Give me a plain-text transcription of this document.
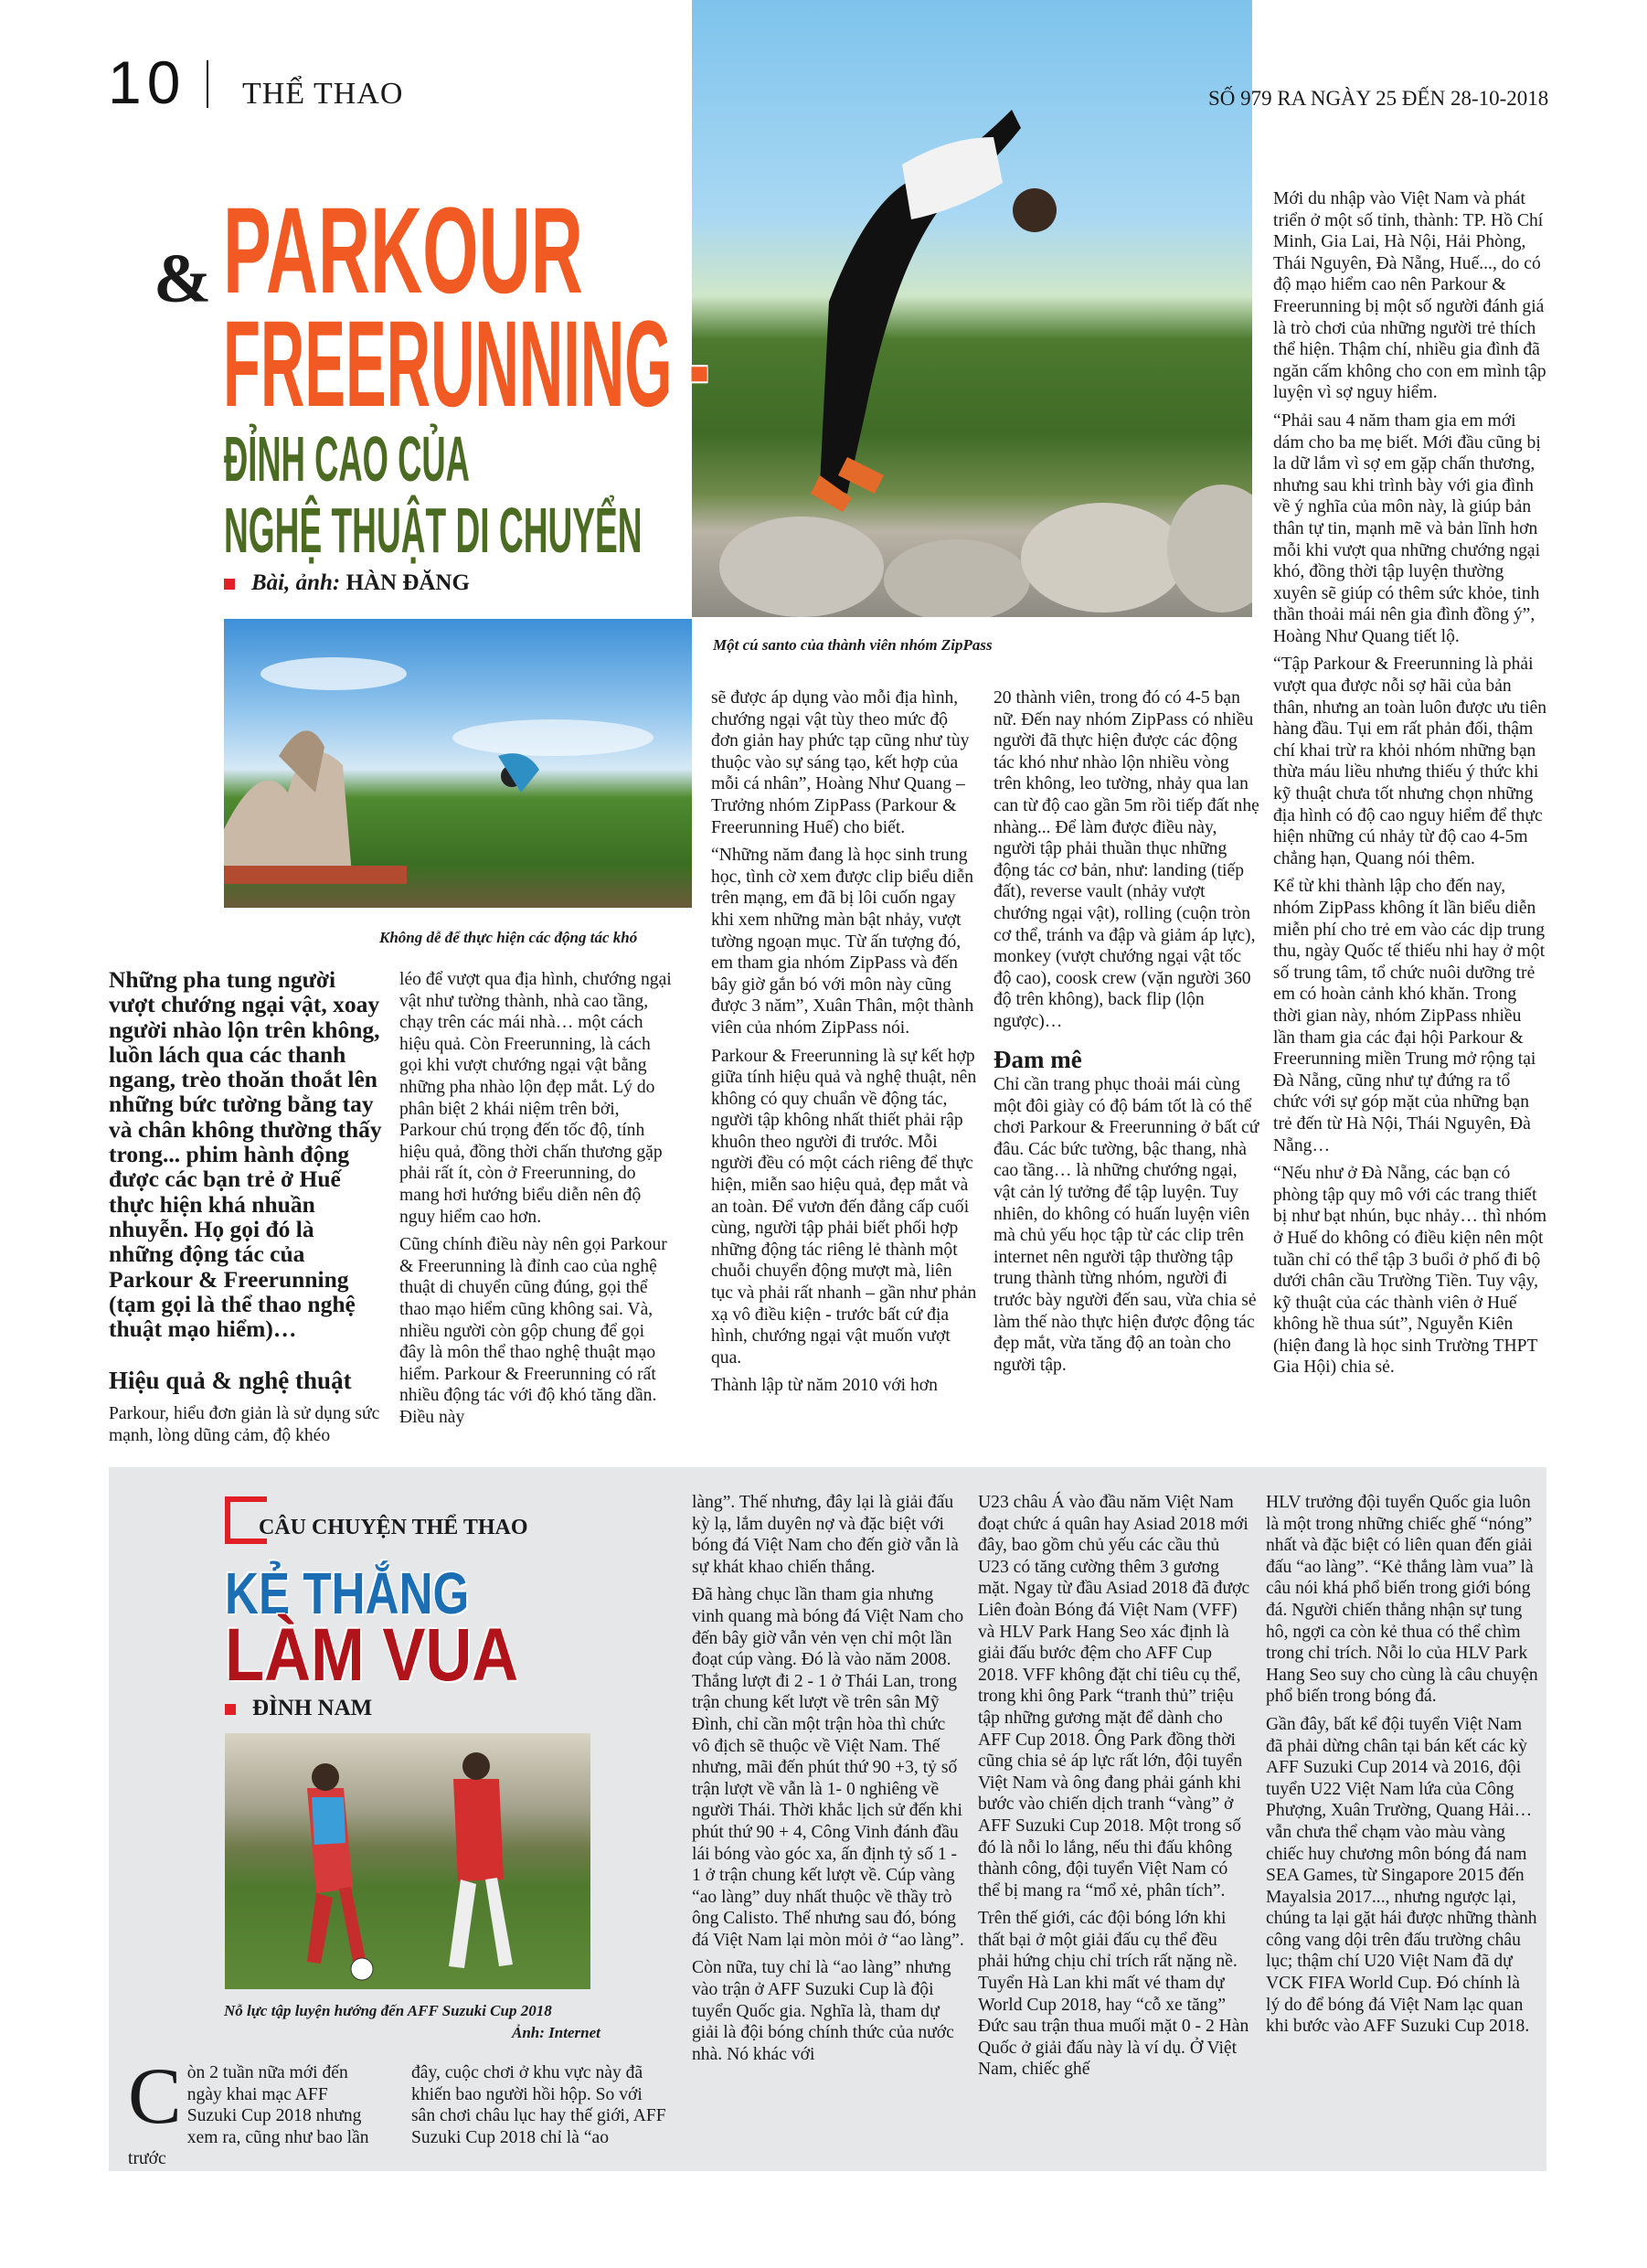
10 THỂ THAO	SỐ 979 RA NGÀY 25 ĐẾN 28-10-2018
& PARKOUR
FREERUNNING -
ĐỈNH CAO CỦA
NGHỆ THUẬT DI CHUYỂN
Bài, ảnh: HÀN ĐĂNG
Không dễ để thực hiện các động tác khó
Một cú santo của thành viên nhóm ZipPass
Những pha tung người vượt chướng ngại vật, xoay người nhào lộn trên không, luồn lách qua các thanh ngang, trèo thoăn thoắt lên những bức tường bằng tay và chân không thường thấy trong... phim hành động được các bạn trẻ ở Huế thực hiện khá nhuần nhuyễn. Họ gọi đó là những động tác của Parkour & Freerunning (tạm gọi là thể thao nghệ thuật mạo hiểm)…
Hiệu quả & nghệ thuật

Parkour, hiểu đơn giản là sử dụng sức mạnh, lòng dũng cảm, độ khéo

léo để vượt qua địa hình, chướng ngại vật như tường thành, nhà cao tầng, chạy trên các mái nhà… một cách hiệu quả. Còn Freerunning, là cách gọi khi vượt chướng ngại vật bằng những pha nhào lộn đẹp mắt. Lý do phân biệt 2 khái niệm trên bởi, Parkour chú trọng đến tốc độ, tính hiệu quả, đồng thời chấn thương gặp phải rất ít, còn ở Freerunning, do mang hơi hướng biểu diễn nên độ nguy hiểm cao hơn.

Cũng chính điều này nên gọi Parkour & Freerunning là đỉnh cao của nghệ thuật di chuyển cũng đúng, gọi thể thao mạo hiểm cũng không sai. Và, nhiều người còn gộp chung để gọi đây là môn thể thao nghệ thuật mạo hiểm. Parkour & Freerunning có rất nhiều động tác với độ khó tăng dần. Điều này

sẽ được áp dụng vào mỗi địa hình, chướng ngại vật tùy theo mức độ đơn giản hay phức tạp cũng như tùy thuộc vào sự sáng tạo, kết hợp của mỗi cá nhân”, Hoàng Như Quang – Trưởng nhóm ZipPass (Parkour & Freerunning Huế) cho biết.

“Những năm đang là học sinh trung học, tình cờ xem được clip biểu diễn trên mạng, em đã bị lôi cuốn ngay khi xem những màn bật nhảy, vượt tường ngoạn mục. Từ ấn tượng đó, em tham gia nhóm ZipPass và đến bây giờ gắn bó với môn này cũng được 3 năm”, Xuân Thân, một thành viên của nhóm ZipPass nói.

Parkour & Freerunning là sự kết hợp giữa tính hiệu quả và nghệ thuật, nên không có quy chuẩn về động tác, người tập không nhất thiết phải rập khuôn theo người đi trước. Mỗi người đều có một cách riêng để thực hiện, miễn sao hiệu quả, đẹp mắt và an toàn. Để vươn đến đẳng cấp cuối cùng, người tập phải biết phối hợp những động tác riêng lẻ thành một chuỗi chuyển động mượt mà, liên tục và phải rất nhanh – gần như phản xạ vô điều kiện - trước bất cứ địa hình, chướng ngại vật muốn vượt qua.

Thành lập từ năm 2010 với hơn

20 thành viên, trong đó có 4-5 bạn nữ. Đến nay nhóm ZipPass có nhiều người đã thực hiện được các động tác khó như nhào lộn nhiều vòng trên không, leo tường, nhảy qua lan can từ độ cao gần 5m rồi tiếp đất nhẹ nhàng... Để làm được điều này, người tập phải thuần thục những động tác cơ bản, như: landing (tiếp đất), reverse vault (nhảy vượt chướng ngại vật), rolling (cuộn tròn cơ thể, tránh va đập và giảm áp lực), monkey (vượt chướng ngại vật tốc độ cao), coosk crew (vặn người 360 độ trên không), back flip (lộn ngược)…

Đam mê

Chỉ cần trang phục thoải mái cùng một đôi giày có độ bám tốt là có thể chơi Parkour & Freerunning ở bất cứ đâu. Các bức tường, bậc thang, nhà cao tầng… là những chướng ngại, vật cản lý tưởng để tập luyện. Tuy nhiên, do không có huấn luyện viên mà chủ yếu học tập từ các clip trên internet nên người tập thường tập trung thành từng nhóm, người đi trước bày người đến sau, vừa chia sẻ làm thế nào thực hiện được động tác đẹp mắt, vừa tăng độ an toàn cho người tập.

Mới du nhập vào Việt Nam và phát triển ở một số tỉnh, thành: TP. Hồ Chí Minh, Gia Lai, Hà Nội, Hải Phòng, Thái Nguyên, Đà Nẵng, Huế..., do có độ mạo hiểm cao nên Parkour & Freerunning bị một số người đánh giá là trò chơi của những người trẻ thích thể hiện. Thậm chí, nhiều gia đình đã ngăn cấm không cho con em mình tập luyện vì sợ nguy hiểm.

“Phải sau 4 năm tham gia em mới dám cho ba mẹ biết. Mới đầu cũng bị la dữ lắm vì sợ em gặp chấn thương, nhưng sau khi trình bày với gia đình về ý nghĩa của môn này, là giúp bản thân tự tin, mạnh mẽ và bản lĩnh hơn mỗi khi vượt qua những chướng ngại khó, đồng thời tập luyện thường xuyên sẽ giúp có thêm sức khỏe, tinh thần thoải mái nên gia đình đồng ý”, Hoàng Như Quang tiết lộ.

“Tập Parkour & Freerunning là phải vượt qua được nỗi sợ hãi của bản thân, nhưng an toàn luôn được ưu tiên hàng đầu. Tụi em rất phản đối, thậm chí khai trừ ra khỏi nhóm những bạn thừa máu liều nhưng thiếu ý thức khi kỹ thuật chưa tốt nhưng chọn những địa hình có độ cao nguy hiểm để thực hiện những cú nhảy từ độ cao 4-5m chẳng hạn, Quang nói thêm.

Kể từ khi thành lập cho đến nay, nhóm ZipPass không ít lần biểu diễn miễn phí cho trẻ em vào các dịp trung thu, ngày Quốc tế thiếu nhi hay ở một số trung tâm, tổ chức nuôi dưỡng trẻ em có hoàn cảnh khó khăn. Trong thời gian này, nhóm ZipPass nhiều lần tham gia các đại hội Parkour & Freerunning miền Trung mở rộng tại Đà Nẵng, cũng như tự đứng ra tổ chức với sự góp mặt của những bạn trẻ đến từ Hà Nội, Thái Nguyên, Đà Nẵng…

“Nếu như ở Đà Nẵng, các bạn có phòng tập quy mô với các trang thiết bị như bạt nhún, bục nhảy… thì nhóm ở Huế do không có điều kiện nên một tuần chỉ có thể tập 3 buổi ở phố đi bộ dưới chân cầu Trường Tiền. Tuy vậy, kỹ thuật của các thành viên ở Huế không hề thua sút”, Nguyễn Kiên (hiện đang là học sinh Trường THPT Gia Hội) chia sẻ.

CÂU CHUYỆN THỂ THAO
KẺ THẮNG
LÀM VUA
ĐÌNH NAM
Nỗ lực tập luyện hướng đến AFF Suzuki Cup 2018
Ảnh: Internet
Còn 2 tuần nữa mới đến ngày khai mạc AFF Suzuki Cup 2018 nhưng xem ra, cũng như bao lần trước

đây, cuộc chơi ở khu vực này đã khiến bao người hồi hộp. So với sân chơi châu lục hay thế giới, AFF Suzuki Cup 2018 chỉ là “ao

làng”. Thế nhưng, đây lại là giải đấu kỳ lạ, lắm duyên nợ và đặc biệt với bóng đá Việt Nam cho đến giờ vẫn là sự khát khao chiến thắng.

Đã hàng chục lần tham gia nhưng vinh quang mà bóng đá Việt Nam cho đến bây giờ vẫn vẻn vẹn chỉ một lần đoạt cúp vàng. Đó là vào năm 2008. Thắng lượt đi 2 - 1 ở Thái Lan, trong trận chung kết lượt về trên sân Mỹ Đình, chỉ cần một trận hòa thì chức vô địch sẽ thuộc về Việt Nam. Thế nhưng, mãi đến phút thứ 90 +3, tỷ số trận lượt về vẫn là 1- 0 nghiêng về người Thái. Thời khắc lịch sử đến khi phút thứ 90 + 4, Công Vinh đánh đầu lái bóng vào góc xa, ấn định tỷ số 1 - 1 ở trận chung kết lượt về. Cúp vàng “ao làng” duy nhất thuộc về thầy trò ông Calisto. Thế nhưng sau đó, bóng đá Việt Nam lại mòn mỏi ở “ao làng”.

Còn nữa, tuy chỉ là “ao làng” nhưng vào trận ở AFF Suzuki Cup là đội tuyển Quốc gia. Nghĩa là, tham dự giải là đội bóng chính thức của nước nhà. Nó khác với

U23 châu Á vào đầu năm Việt Nam đoạt chức á quân hay Asiad 2018 mới đây, bao gồm chủ yếu các cầu thủ U23 có tăng cường thêm 3 gương mặt. Ngay từ đầu Asiad 2018 đã được Liên đoàn Bóng đá Việt Nam (VFF) và HLV Park Hang Seo xác định là giải đấu bước đệm cho AFF Cup 2018. VFF không đặt chỉ tiêu cụ thể, trong khi ông Park “tranh thủ” triệu tập những gương mặt để dành cho AFF Cup 2018. Ông Park đồng thời cũng chia sẻ áp lực rất lớn, đội tuyển Việt Nam và ông đang phải gánh khi bước vào chiến dịch tranh “vàng” ở AFF Suzuki Cup 2018. Một trong số đó là nỗi lo lắng, nếu thi đấu không thành công, đội tuyển Việt Nam có thể bị mang ra “mổ xẻ, phân tích”.

Trên thế giới, các đội bóng lớn khi thất bại ở một giải đấu cụ thể đều phải hứng chịu chỉ trích rất nặng nề. Tuyển Hà Lan khi mất vé tham dự World Cup 2018, hay “cỗ xe tăng” Đức sau trận thua muối mặt 0 - 2 Hàn Quốc ở giải đấu này là ví dụ. Ở Việt Nam, chiếc ghế

HLV trưởng đội tuyển Quốc gia luôn là một trong những chiếc ghế “nóng” nhất và đặc biệt có liên quan đến giải đấu “ao làng”. “Kẻ thắng làm vua” là câu nói khá phổ biến trong giới bóng đá. Người chiến thắng nhận sự tung hô, ngợi ca còn kẻ thua có thể chìm trong chỉ trích. Nỗi lo của HLV Park Hang Seo suy cho cùng là câu chuyện phổ biến trong bóng đá.

Gần đây, bất kể đội tuyển Việt Nam đã phải dừng chân tại bán kết các kỳ AFF Suzuki Cup 2014 và 2016, đội tuyển U22 Việt Nam lứa của Công Phượng, Xuân Trường, Quang Hải… vẫn chưa thể chạm vào màu vàng chiếc huy chương môn bóng đá nam SEA Games, từ Singapore 2015 đến Mayalsia 2017..., nhưng ngược lại, chúng ta lại gặt hái được những thành công vang dội trên đấu trường châu lục; thậm chí U20 Việt Nam đã dự VCK FIFA World Cup. Đó chính là lý do để bóng đá Việt Nam lạc quan khi bước vào AFF Suzuki Cup 2018.
